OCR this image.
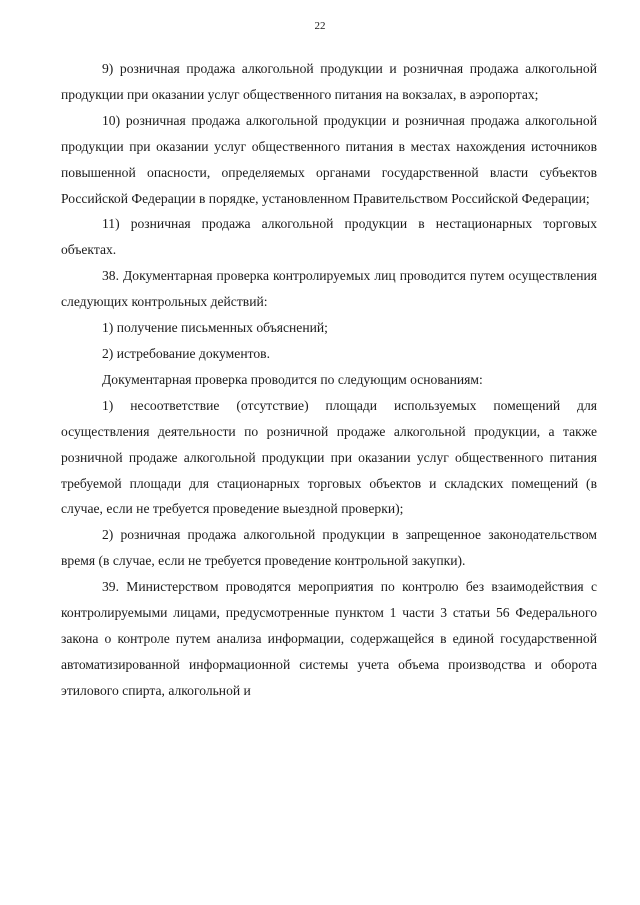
22

9) розничная продажа алкогольной продукции и розничная продажа алкогольной продукции при оказании услуг общественного питания на вокзалах, в аэропортах;

10) розничная продажа алкогольной продукции и розничная продажа алкогольной продукции при оказании услуг общественного питания в местах нахождения источников повышенной опасности, определяемых органами государственной власти субъектов Российской Федерации в порядке, установленном Правительством Российской Федерации;

11) розничная продажа алкогольной продукции в нестационарных торговых объектах.

38. Документарная проверка контролируемых лиц проводится путем осуществления следующих контрольных действий:

1) получение письменных объяснений;

2) истребование документов.

Документарная проверка проводится по следующим основаниям:

1) несоответствие (отсутствие) площади используемых помещений для осуществления деятельности по розничной продаже алкогольной продукции, а также розничной продаже алкогольной продукции при оказании услуг общественного питания требуемой площади для стационарных торговых объектов и складских помещений (в случае, если не требуется проведение выездной проверки);

2) розничная продажа алкогольной продукции в запрещенное законодательством время (в случае, если не требуется проведение контрольной закупки).

39. Министерством проводятся мероприятия по контролю без взаимодействия с контролируемыми лицами, предусмотренные пунктом 1 части 3 статьи 56 Федерального закона о контроле путем анализа информации, содержащейся в единой государственной автоматизированной информационной системы учета объема производства и оборота этилового спирта, алкогольной и
